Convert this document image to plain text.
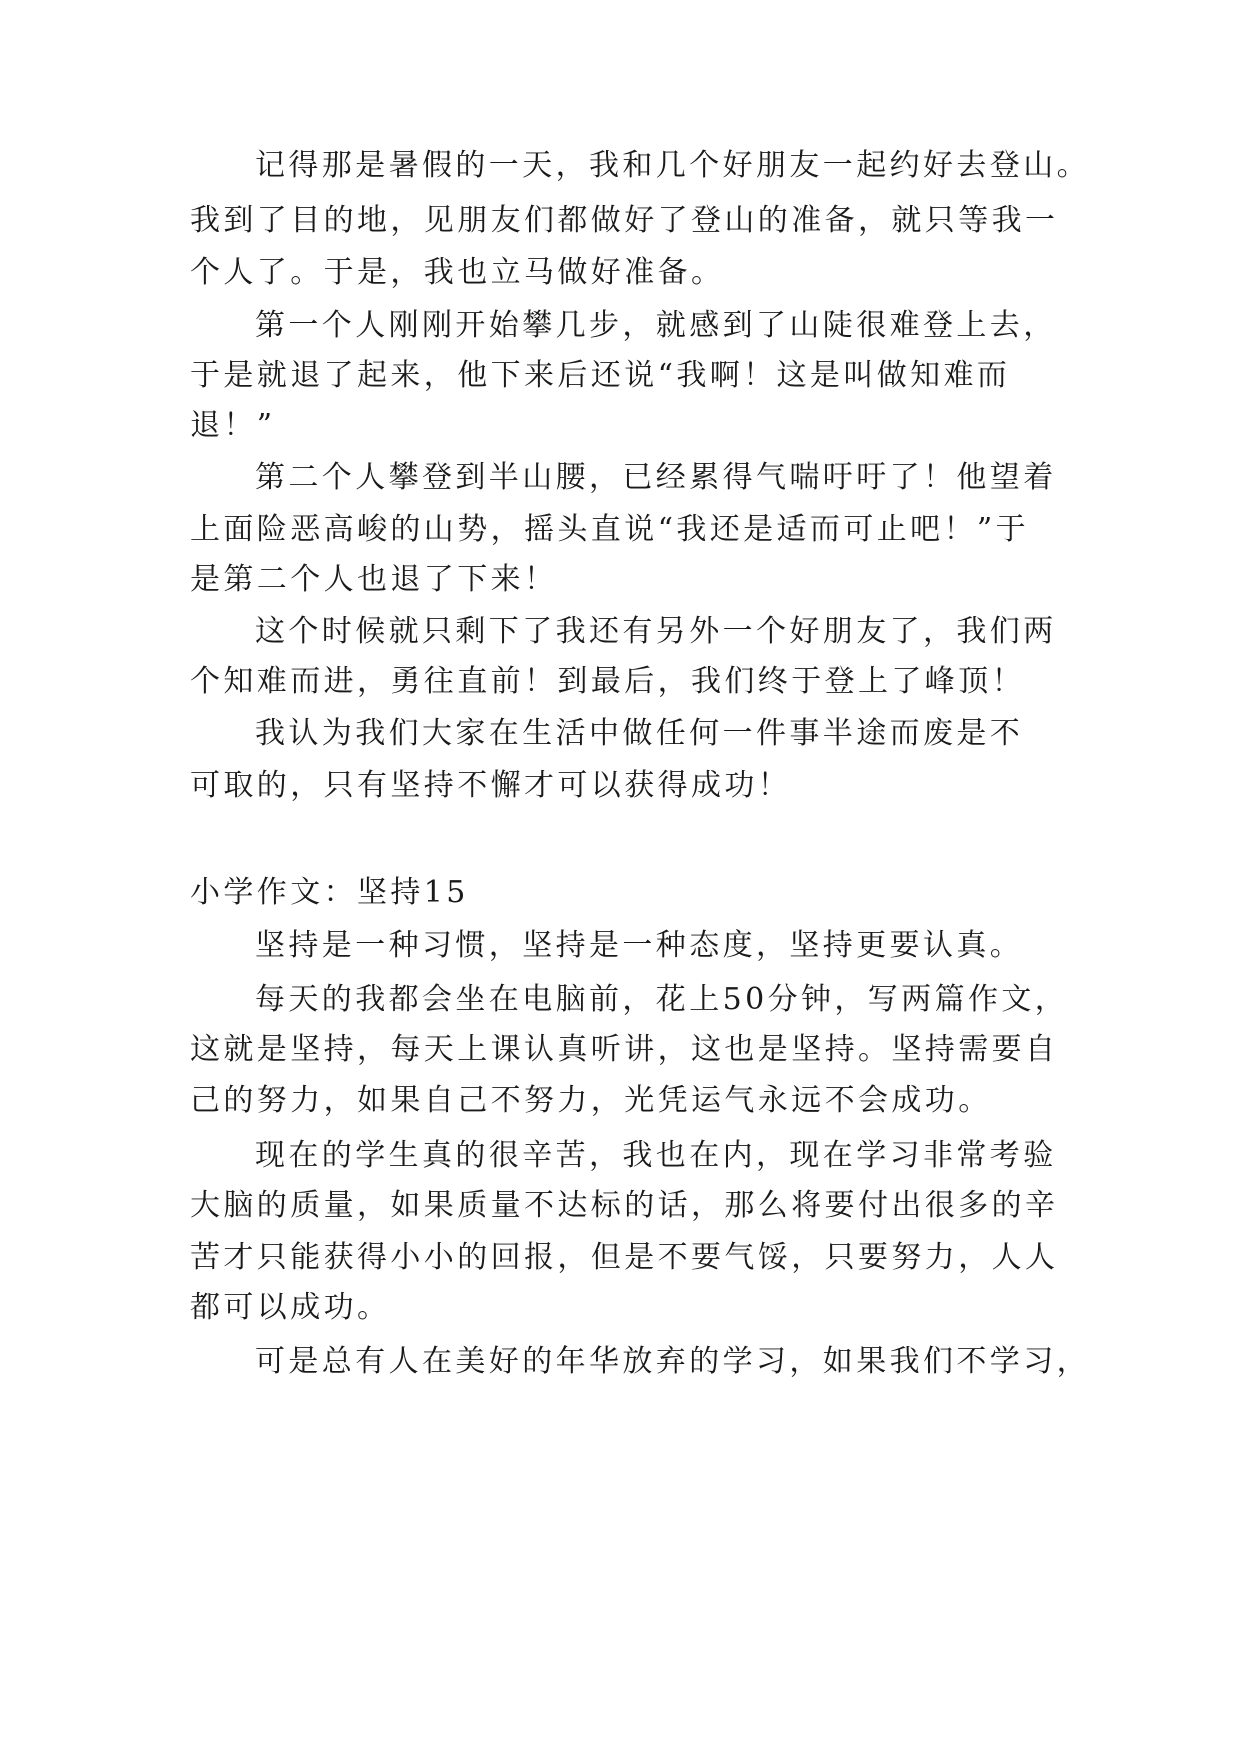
记得那是暑假的一天，我和几个好朋友一起约好去登山。
我到了目的地，见朋友们都做好了登山的准备，就只等我一
个人了。于是，我也立马做好准备。
第一个人刚刚开始攀几步，就感到了山陡很难登上去，
于是就退了起来，他下来后还说“我啊！这是叫做知难而
退！”
第二个人攀登到半山腰，已经累得气喘吁吁了！他望着
上面险恶高峻的山势，摇头直说“我还是适而可止吧！”于
是第二个人也退了下来！
这个时候就只剩下了我还有另外一个好朋友了，我们两
个知难而进，勇往直前！到最后，我们终于登上了峰顶！
我认为我们大家在生活中做任何一件事半途而废是不
可取的，只有坚持不懈才可以获得成功！
小学作文：坚持15
坚持是一种习惯，坚持是一种态度，坚持更要认真。
每天的我都会坐在电脑前，花上50分钟，写两篇作文，
这就是坚持，每天上课认真听讲，这也是坚持。坚持需要自
己的努力，如果自己不努力，光凭运气永远不会成功。
现在的学生真的很辛苦，我也在内，现在学习非常考验
大脑的质量，如果质量不达标的话，那么将要付出很多的辛
苦才只能获得小小的回报，但是不要气馁，只要努力，人人
都可以成功。
可是总有人在美好的年华放弃的学习，如果我们不学习，
